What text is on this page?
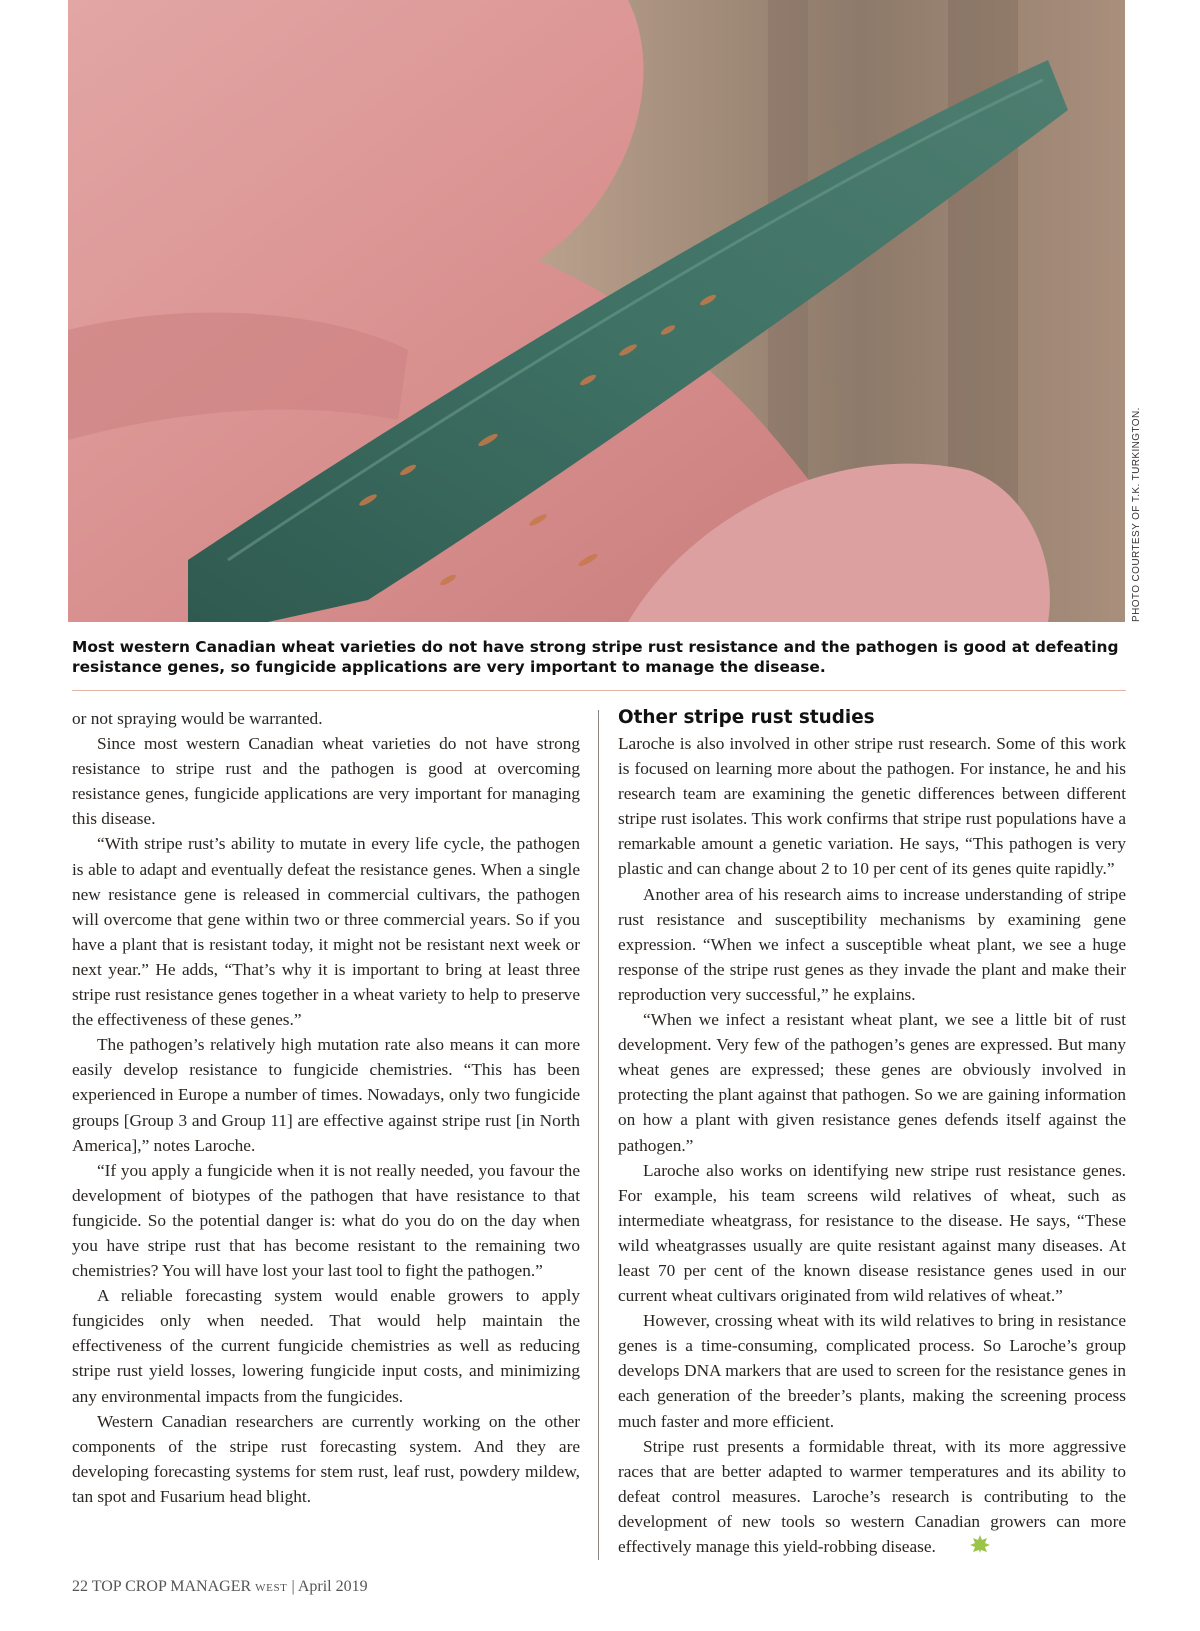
PHOTO COURTESY OF T.K. TURKINGTON.
Most western Canadian wheat varieties do not have strong stripe rust resistance and the pathogen is good at defeating resistance genes, so fungicide applications are very important to manage the disease.

or not spraying would be warranted.

Since most western Canadian wheat varieties do not have strong resistance to stripe rust and the pathogen is good at overcoming resistance genes, fungicide applications are very important for managing this disease.

“With stripe rust’s ability to mutate in every life cycle, the pathogen is able to adapt and eventually defeat the resistance genes. When a single new resistance gene is released in commercial cultivars, the pathogen will overcome that gene within two or three commercial years. So if you have a plant that is resistant today, it might not be resistant next week or next year.” He adds, “That’s why it is important to bring at least three stripe rust resistance genes together in a wheat variety to help to preserve the effectiveness of these genes.”

The pathogen’s relatively high mutation rate also means it can more easily develop resistance to fungicide chemistries. “This has been experienced in Europe a number of times. Nowadays, only two fungicide groups [Group 3 and Group 11] are effective against stripe rust [in North America],” notes Laroche.

“If you apply a fungicide when it is not really needed, you favour the development of biotypes of the pathogen that have resistance to that fungicide. So the potential danger is: what do you do on the day when you have stripe rust that has become resistant to the remaining two chemistries? You will have lost your last tool to fight the pathogen.”

A reliable forecasting system would enable growers to apply fungicides only when needed. That would help maintain the effectiveness of the current fungicide chemistries as well as reducing stripe rust yield losses, lowering fungicide input costs, and minimizing any environmental impacts from the fungicides.

Western Canadian researchers are currently working on the other components of the stripe rust forecasting system. And they are developing forecasting systems for stem rust, leaf rust, powdery mildew, tan spot and Fusarium head blight.

Other stripe rust studies

Laroche is also involved in other stripe rust research. Some of this work is focused on learning more about the pathogen. For instance, he and his research team are examining the genetic differences between different stripe rust isolates. This work confirms that stripe rust populations have a remarkable amount a genetic variation. He says, “This pathogen is very plastic and can change about 2 to 10 per cent of its genes quite rapidly.”

Another area of his research aims to increase understanding of stripe rust resistance and susceptibility mechanisms by examining gene expression. “When we infect a susceptible wheat plant, we see a huge response of the stripe rust genes as they invade the plant and make their reproduction very successful,” he explains.

“When we infect a resistant wheat plant, we see a little bit of rust development. Very few of the pathogen’s genes are expressed. But many wheat genes are expressed; these genes are obviously involved in protecting the plant against that pathogen. So we are gaining information on how a plant with given resistance genes defends itself against the pathogen.”

Laroche also works on identifying new stripe rust resistance genes. For example, his team screens wild relatives of wheat, such as intermediate wheatgrass, for resistance to the disease. He says, “These wild wheatgrasses usually are quite resistant against many diseases. At least 70 per cent of the known disease resistance genes used in our current wheat cultivars originated from wild relatives of wheat.”

However, crossing wheat with its wild relatives to bring in resistance genes is a time-consuming, complicated process. So Laroche’s group develops DNA markers that are used to screen for the resistance genes in each generation of the breeder’s plants, making the screening process much faster and more efficient.

Stripe rust presents a formidable threat, with its more aggressive races that are better adapted to warmer temperatures and its ability to defeat control measures. Laroche’s research is contributing to the development of new tools so western Canadian growers can more effectively manage this yield-robbing disease.

22 TOP CROP MANAGER WEST | April 2019
